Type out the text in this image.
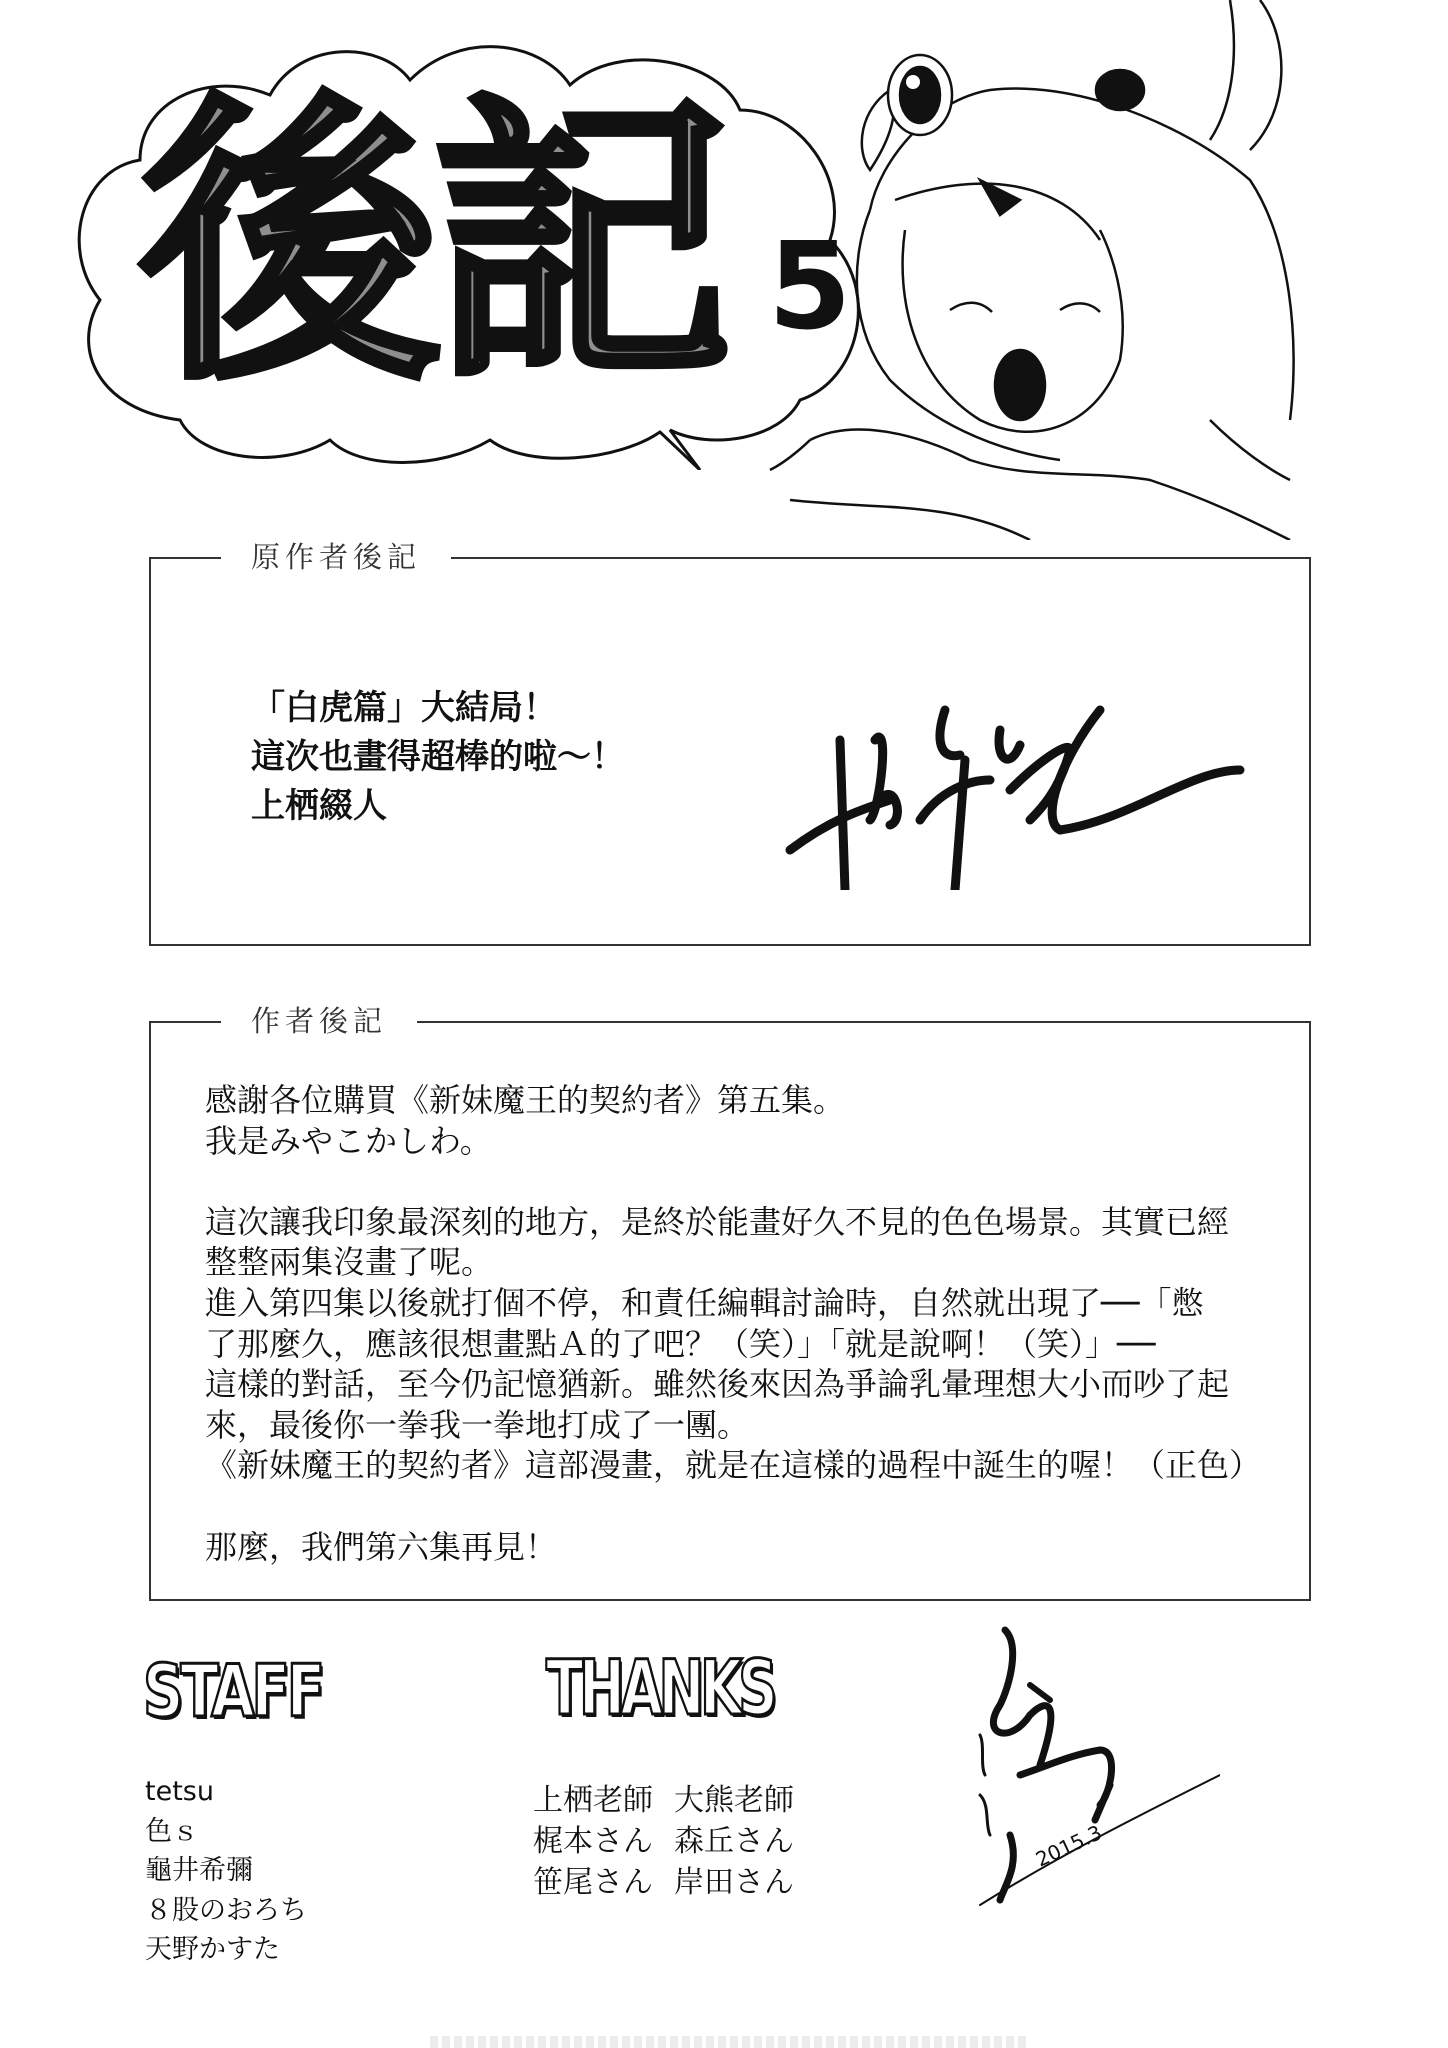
後記 5
原作者後記
「白虎篇」大結局！
這次也畫得超棒的啦～！
上栖綴人
作者後記
感謝各位購買《新妹魔王的契約者》第五集。
我是みやこかしわ。
這次讓我印象最深刻的地方，是終於能畫好久不見的色色場景。其實已經
整整兩集沒畫了呢。
進入第四集以後就打個不停，和責任編輯討論時，自然就出現了──「憋
了那麼久，應該很想畫點Ａ的了吧？（笑）」「就是說啊！（笑）」──
這樣的對話，至今仍記憶猶新。雖然後來因為爭論乳暈理想大小而吵了起
來，最後你一拳我一拳地打成了一團。
《新妹魔王的契約者》這部漫畫，就是在這樣的過程中誕生的喔！（正色）
那麼，我們第六集再見！
STAFF
tetsu
色ｓ
龜井希彌
８股のおろち
天野かすた
THANKS
上栖老師 大熊老師
梶本さん 森丘さん
笹尾さん 岸田さん
2015.3
